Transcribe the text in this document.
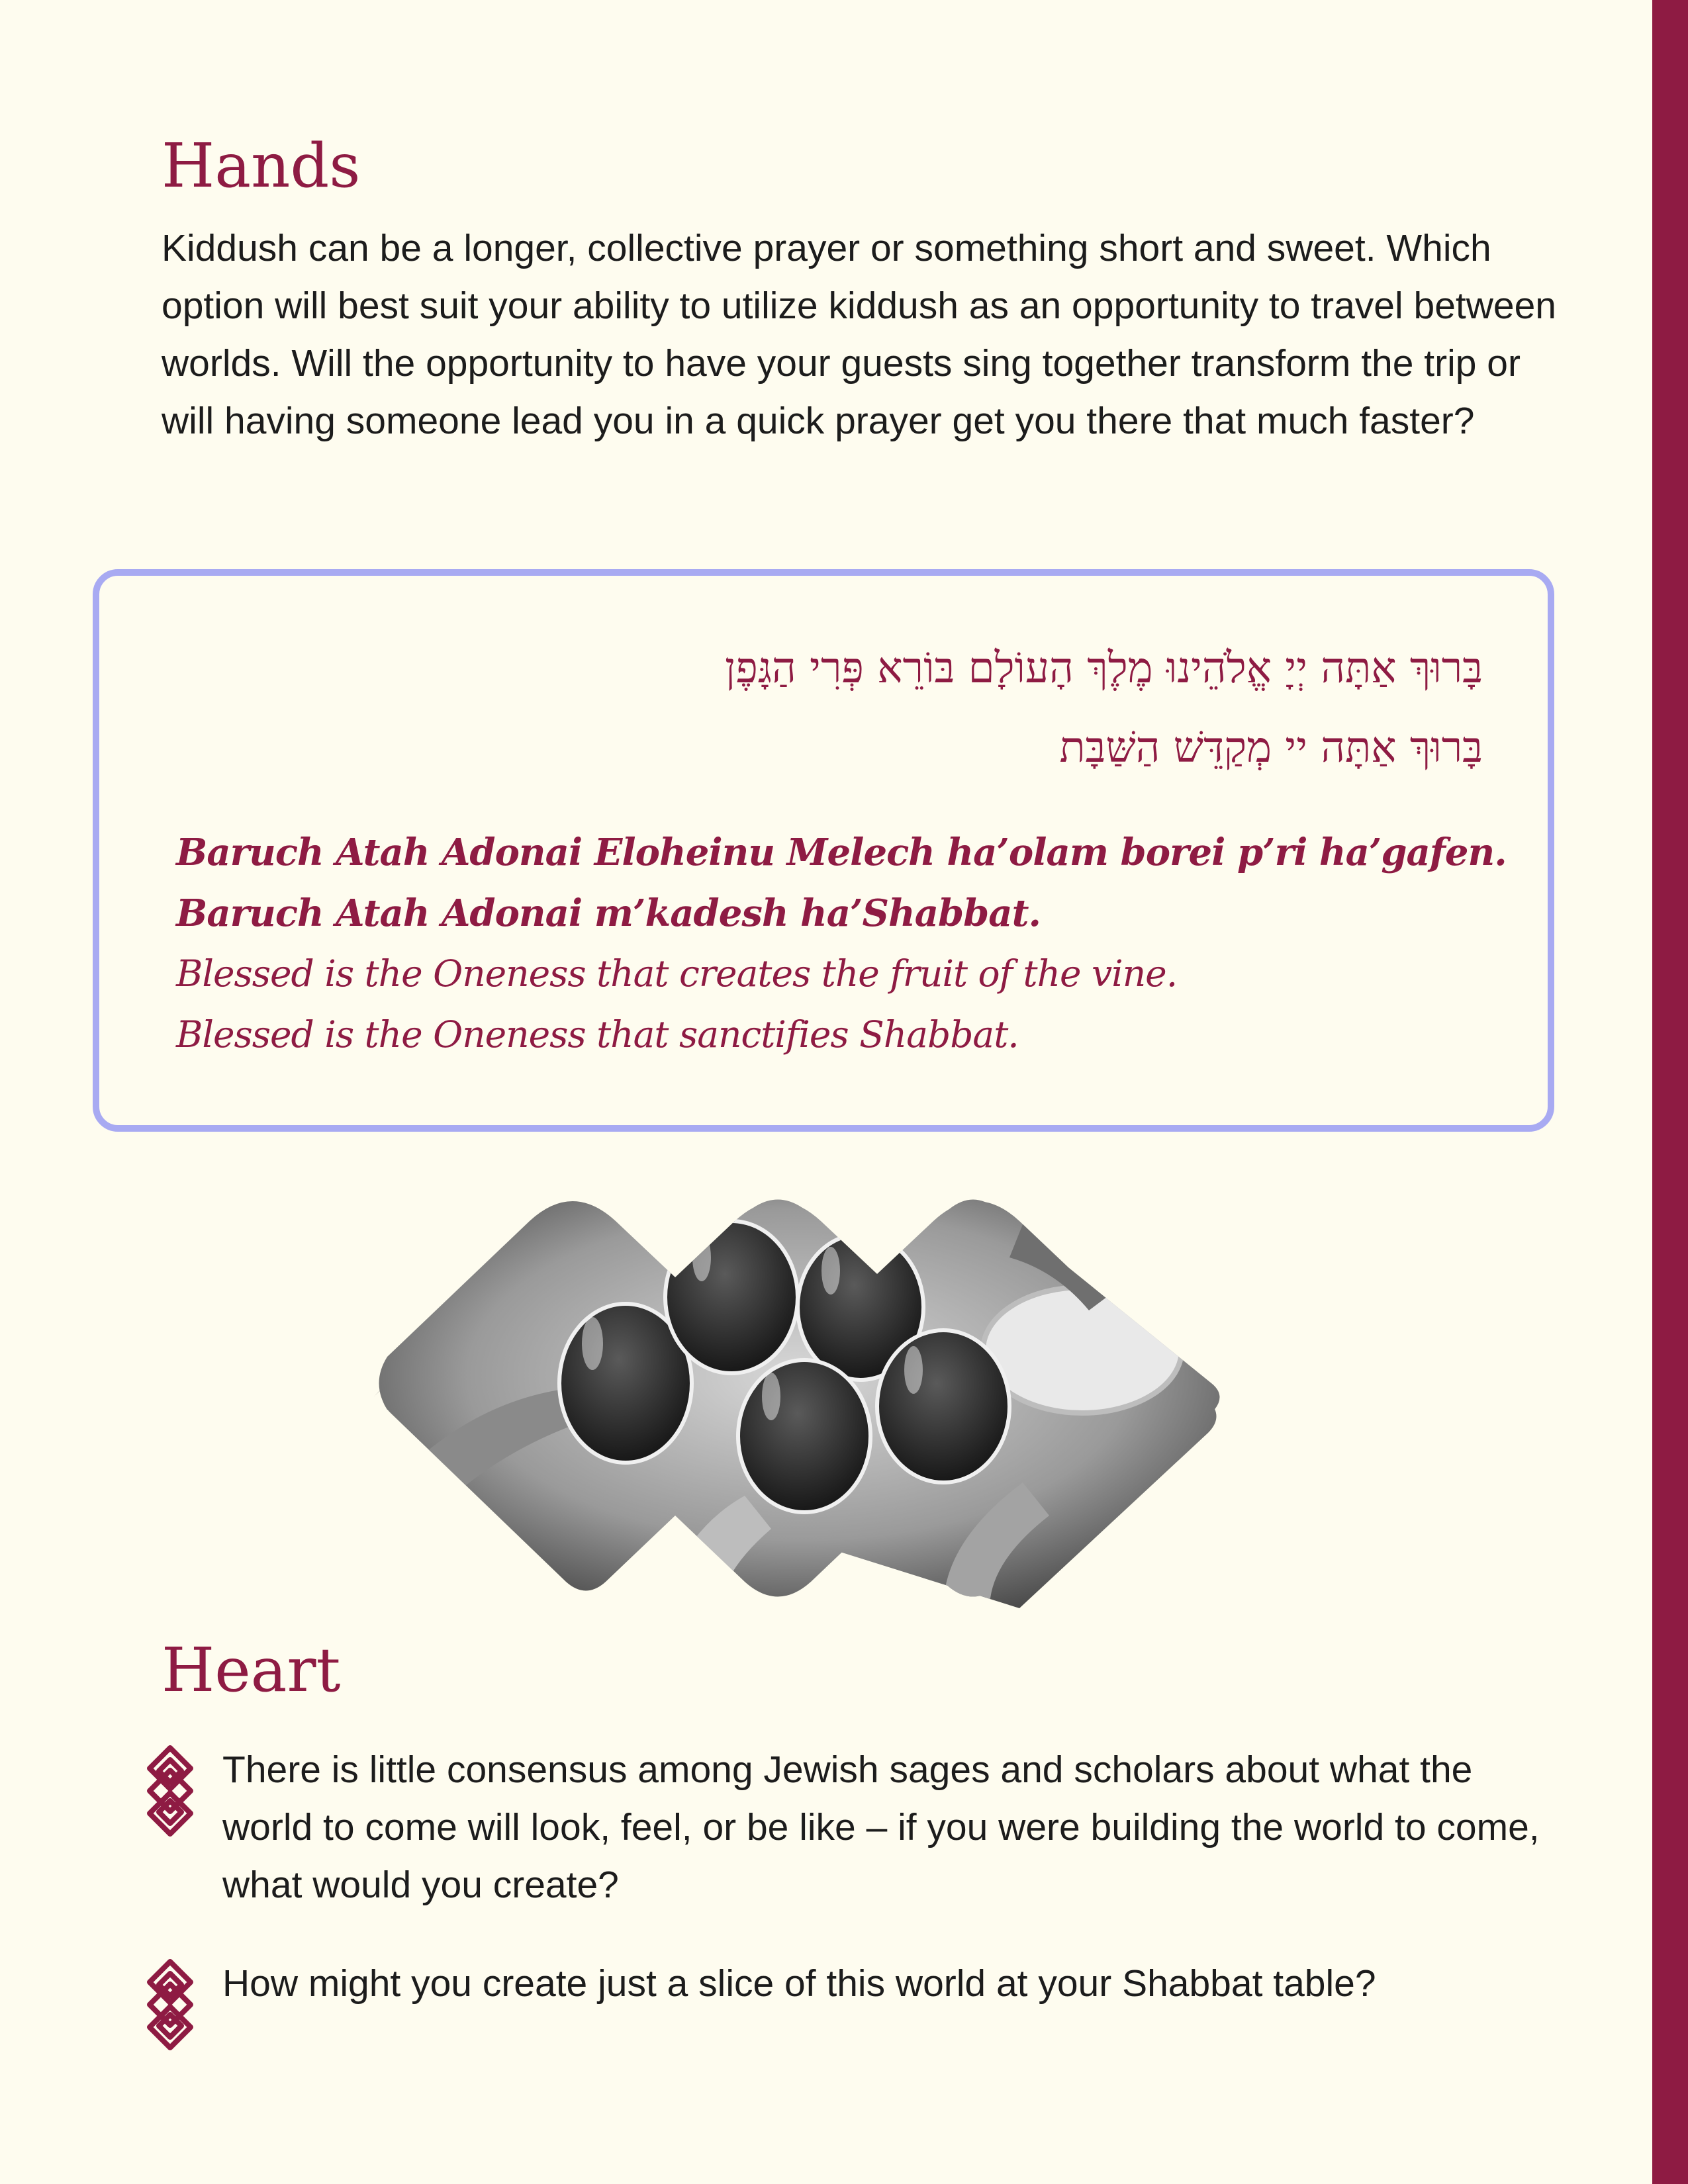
Hands

Kiddush can be a longer, collective prayer or something short and sweet. Which option will best suit your ability to utilize kiddush as an opportunity to travel between worlds. Will the opportunity to have your guests sing together transform the trip or will having someone lead you in a quick prayer get you there that much faster?

בָּרוּךְ אַתָּה יְיָ אֱלֹהֵינוּ מֶלֶךְ הָעוֹלָם בּוֹרֵא פְּרִי הַגָּפֶן

בָּרוּךְ אַתָּה יי מְקַדֵּשׁ הַשַּׁבָּת

Baruch Atah Adonai Eloheinu Melech ha’olam borei p’ri ha’gafen.

Baruch Atah Adonai m’kadesh ha’Shabbat.

Blessed is the Oneness that creates the fruit of the vine.

Blessed is the Oneness that sanctifies Shabbat.

Heart

There is little consensus among Jewish sages and scholars about what the world to come will look, feel, or be like – if you were building the world to come, what would you create?

How might you create just a slice of this world at your Shabbat table?
